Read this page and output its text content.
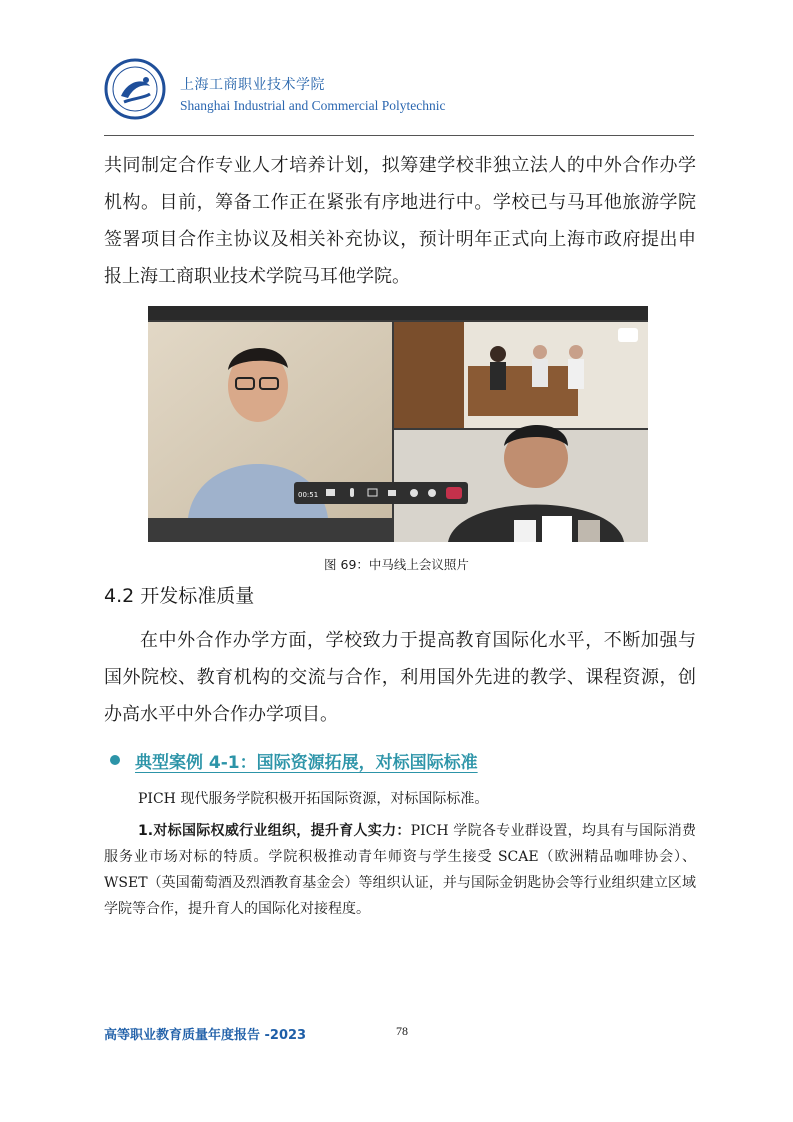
上海工商职业技术学院
Shanghai Industrial and Commercial Polytechnic
共同制定合作专业人才培养计划，拟筹建学校非独立法人的中外合作办学机构。目前，筹备工作正在紧张有序地进行中。学校已与马耳他旅游学院签署项目合作主协议及相关补充协议，预计明年正式向上海市政府提出申报上海工商职业技术学院马耳他学院。
00:51
图 69：中马线上会议照片
4.2 开发标准质量
在中外合作办学方面，学校致力于提高教育国际化水平，不断加强与国外院校、教育机构的交流与合作，利用国外先进的教学、课程资源，创办高水平中外合作办学项目。
典型案例 4-1：国际资源拓展，对标国际标准
PICH 现代服务学院积极开拓国际资源，对标国际标准。
1.对标国际权威行业组织，提升育人实力：PICH 学院各专业群设置，均具有与国际消费服务业市场对标的特质。学院积极推动青年师资与学生接受 SCAE（欧洲精品咖啡协会）、WSET（英国葡萄酒及烈酒教育基金会）等组织认证，并与国际金钥匙协会等行业组织建立区域学院等合作，提升育人的国际化对接程度。
高等职业教育质量年度报告 -2023	78
